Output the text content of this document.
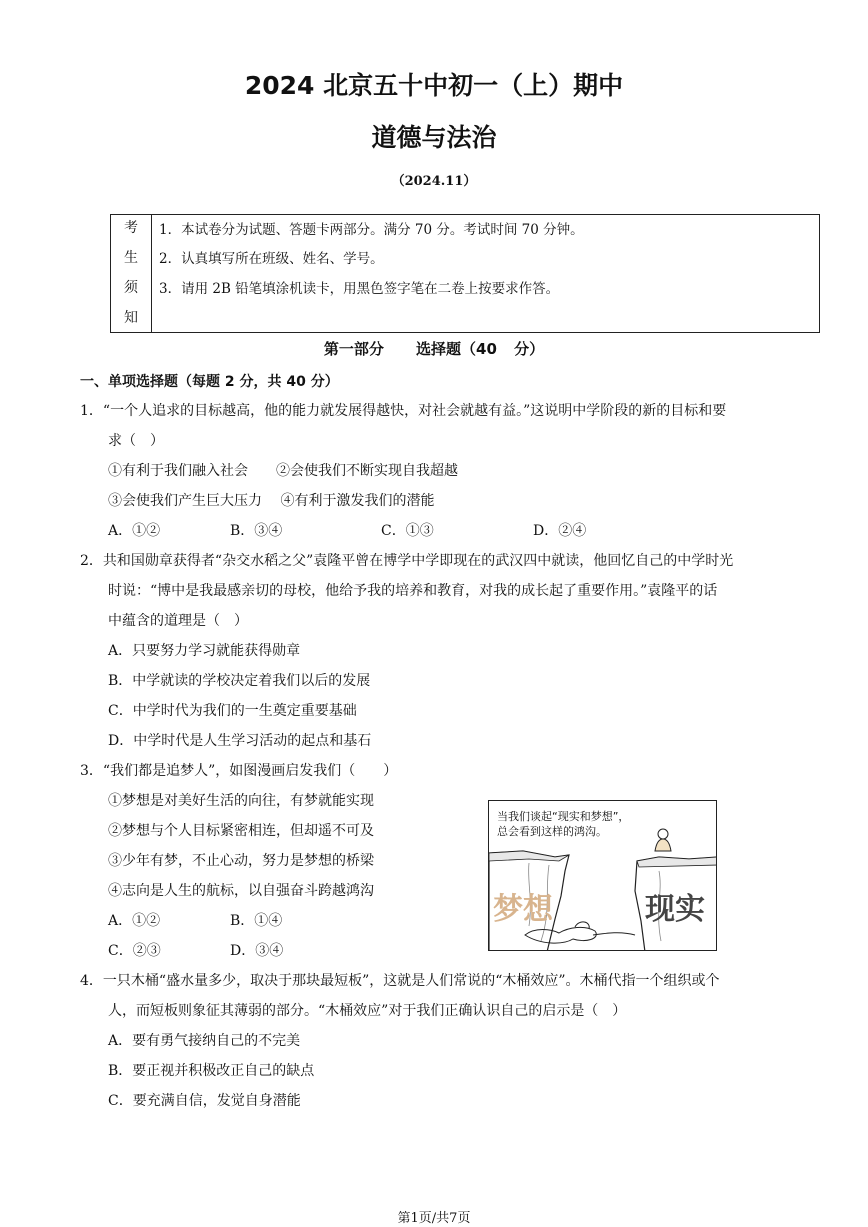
2024 北京五十中初一（上）期中
道德与法治
（2024.11）
考
生
须
知
1．本试卷分为试题、答题卡两部分。满分 70 分。考试时间 70 分钟。
2．认真填写所在班级、姓名、学号。
3．请用 2B 铅笔填涂机读卡，用黑色签字笔在二卷上按要求作答。
第一部分　 选择题（40 分）
一、单项选择题（每题 2 分，共 40 分）
1．“一个人追求的目标越高，他的能力就发展得越快，对社会就越有益。”这说明中学阶段的新的目标和要
求（　）
①有利于我们融入社会　　②会使我们不断实现自我超越
③会使我们产生巨大压力　 ④有利于激发我们的潜能
A．①②	B．③④	C．①③	D．②④
2．共和国勋章获得者“杂交水稻之父”袁隆平曾在博学中学即现在的武汉四中就读，他回忆自己的中学时光
时说：“博中是我最感亲切的母校，他给予我的培养和教育，对我的成长起了重要作用。”袁隆平的话
中蕴含的道理是（　）
A．只要努力学习就能获得勋章
B．中学就读的学校决定着我们以后的发展
C．中学时代为我们的一生奠定重要基础
D．中学时代是人生学习活动的起点和基石
3．“我们都是追梦人”，如图漫画启发我们（　　）
①梦想是对美好生活的向往，有梦就能实现
②梦想与个人目标紧密相连，但却遥不可及
③少年有梦，不止心动，努力是梦想的桥梁
④志向是人生的航标，以自强奋斗跨越鸿沟
A．①②	B．①④
C．②③	D．③④
当我们谈起“现实和梦想”，
总会看到这样的鸿沟。
梦想	现实
4．一只木桶“盛水量多少，取决于那块最短板”，这就是人们常说的“木桶效应”。木桶代指一个组织或个
人，而短板则象征其薄弱的部分。“木桶效应”对于我们正确认识自己的启示是（　）
A．要有勇气接纳自己的不完美
B．要正视并积极改正自己的缺点
C．要充满自信，发觉自身潜能
第1页/共7页
